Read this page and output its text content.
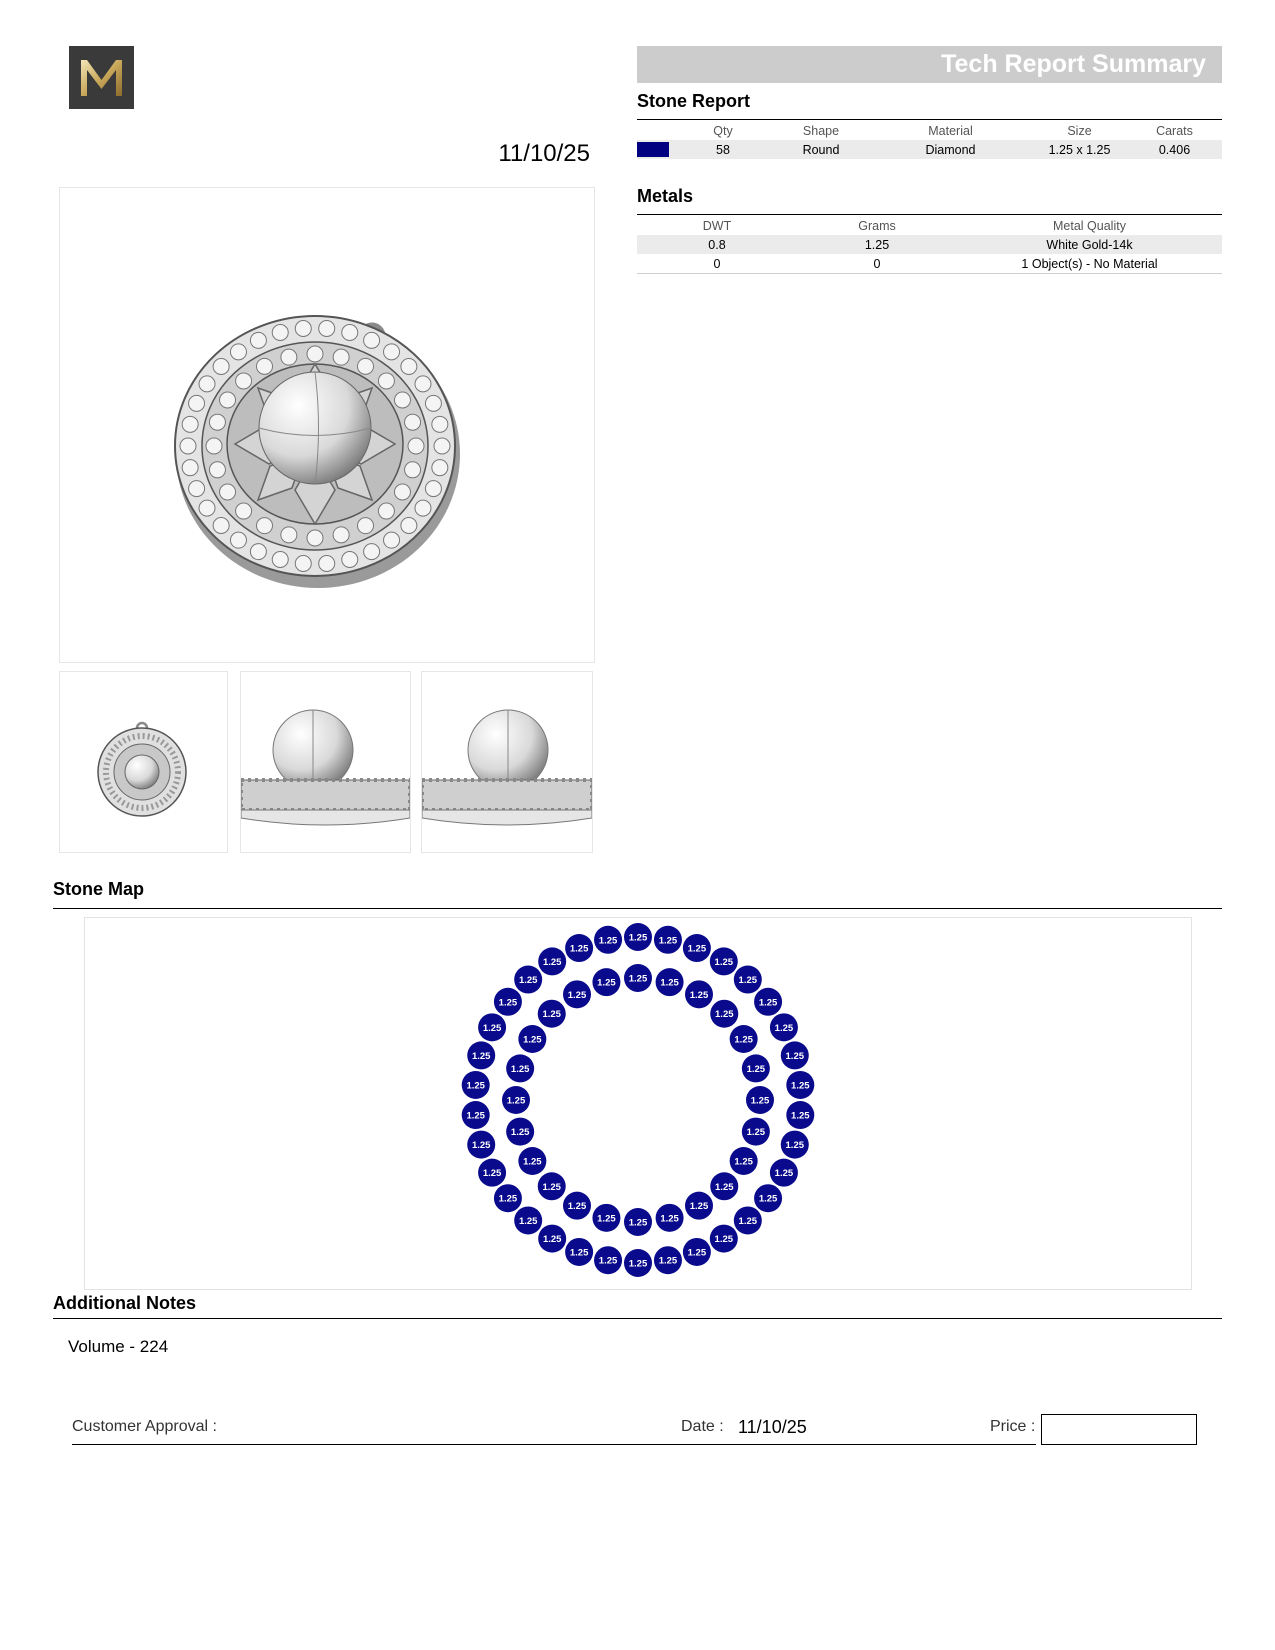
11/10/25
Tech Report Summary
Stone Report
	Qty	Shape	Material	Size	Carats
	58	Round	Diamond	1.25 x 1.25	0.406
Metals
DWT	Grams	Metal Quality
0.8	1.25	White Gold-14k
0	0	1 Object(s) - No Material
Stone Map
1.25 1.25
1.25
1.25
1.25
1.25
1.25
1.25
1.25
1.25
1.25
1.25
1.25
1.25
1.25
1.25
1.25
1.25
1.25
1.25
1.25
1.25
1.25
1.25
1.25
1.25
1.25
1.25
1.25
1.25
1.25
1.25
1.25
1.25
1.25 1.25
1.25
1.25
1.25
1.25
1.25
1.25
1.25
1.25
1.25
1.25
1.25
1.25
1.25
1.25
1.25
1.25
1.25
1.25
1.25
1.25
1.25
1.25
Additional Notes
Volume - 224
Customer Approval :	Date : 11/10/25	Price :
